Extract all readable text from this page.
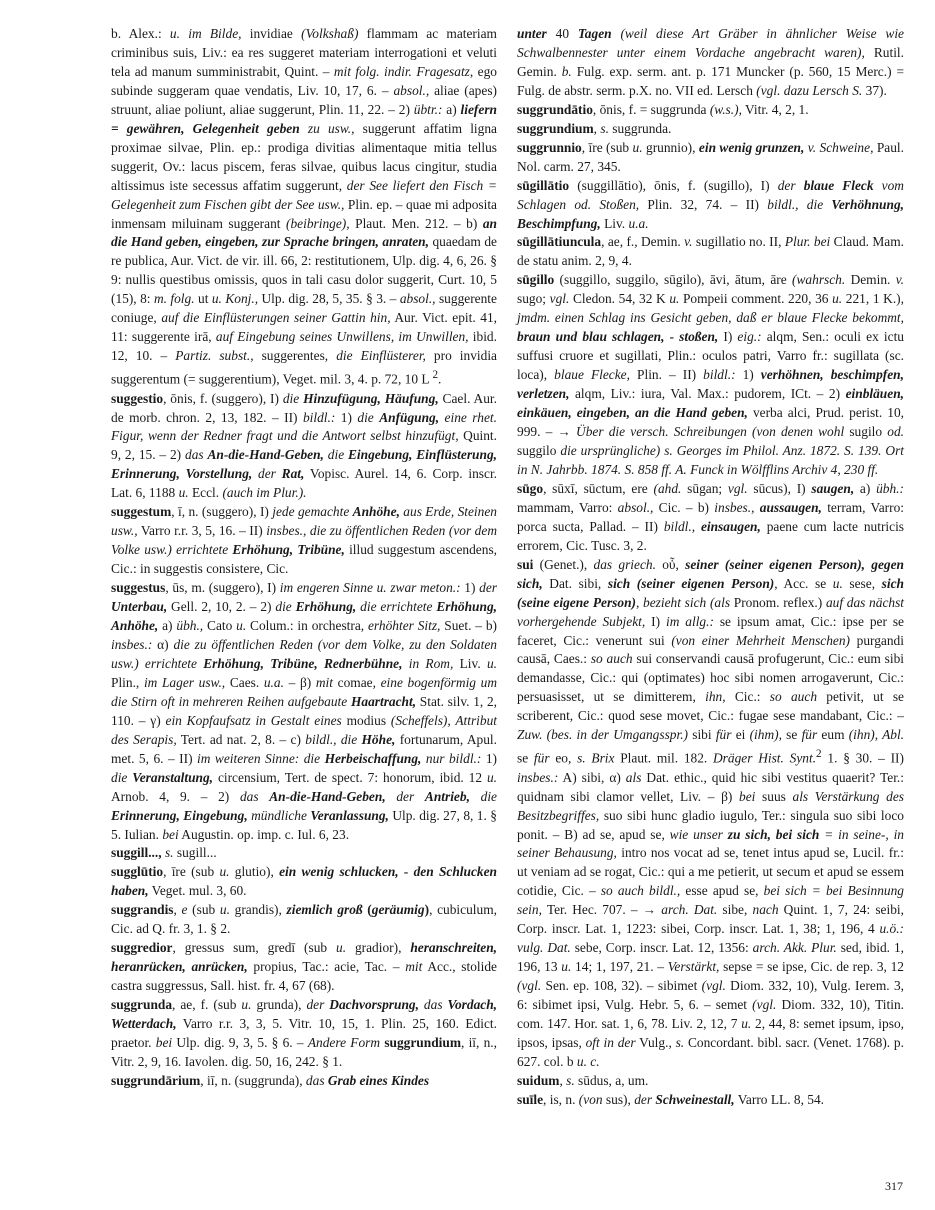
b. Alex.: u. im Bilde, invidiae (Volkshaß) flammam ac materiam criminibus suis, Liv.: ea res suggeret materiam interrogationi et veluti tela ad manum sumministrabit, Quint. – mit folg. indir. Fragesatz, ego subinde suggeram quae vendatis, Liv. 10, 17, 6. – absol., aliae (apes) struunt, aliae poliunt, aliae suggerunt, Plin. 11, 22. – 2) übtr.: a) liefern = gewähren, Gelegenheit geben zu usw., suggerunt affatim ligna proximae silvae, Plin. ep.: prodiga divitias alimentaque mitia tellus suggerit, Ov.: lacus piscem, feras silvae, quibus lacus cingitur, studia altissimus iste secessus affatim suggerunt, der See liefert den Fisch = Gelegenheit zum Fischen gibt der See usw., Plin. ep. – quae mi adposita inmensam miluinam suggerant (beibringe), Plaut. Men. 212. – b) an die Hand geben, eingeben, zur Sprache bringen, anraten, quaedam de re publica, Aur. Vict. de vir. ill. 66, 2: restitutionem, Ulp. dig. 4, 6, 26. § 9: nullis questibus omissis, quos in tali casu dolor suggerit, Curt. 10, 5 (15), 8: m. folg. ut u. Konj., Ulp. dig. 28, 5, 35. § 3. – absol., suggerente coniuge, auf die Einflüsterungen seiner Gattin hin, Aur. Vict. epit. 41, 11: suggerente irā, auf Eingebung seines Unwillens, im Unwillen, ibid. 12, 10. – Partiz. subst., suggerentes, die Einflüsterer, pro invidia suggerentum (= suggerentium), Veget. mil. 3, 4. p. 72, 10 L $^2$.

suggestio, ōnis, f. (suggero), I) die Hinzufügung, Häufung, Cael. Aur. de morb. chron. 2, 13, 182. – II) bildl.: 1) die Anfügung, eine rhet. Figur, wenn der Redner fragt und die Antwort selbst hinzufügt, Quint. 9, 2, 15. – 2) das An-die-Hand-Geben, die Eingebung, Einflüsterung, Erinnerung, Vorstellung, der Rat, Vopisc. Aurel. 14, 6. Corp. inscr. Lat. 6, 1188 u. Eccl. (auch im Plur.).

suggestum, ī, n. (suggero), I) jede gemachte Anhöhe, aus Erde, Steinen usw., Varro r.r. 3, 5, 16. – II) insbes., die zu öffentlichen Reden (vor dem Volke usw.) errichtete Erhöhung, Tribüne, illud suggestum ascendens, Cic.: in suggestis consistere, Cic.

suggestus, ūs, m. (suggero), I) im engeren Sinne u. zwar meton.: 1) der Unterbau, Gell. 2, 10, 2. – 2) die Erhöhung, die errichtete Erhöhung, Anhöhe, a) übh., Cato u. Colum.: in orchestra, erhöhter Sitz, Suet. – b) insbes.: α) die zu öffentlichen Reden (vor dem Volke, zu den Soldaten usw.) errichtete Erhöhung, Tribüne, Rednerbühne, in Rom, Liv. u. Plin., im Lager usw., Caes. u.a. – β) mit comae, eine bogenförmig um die Stirn oft in mehreren Reihen aufgebaute Haartracht, Stat. silv. 1, 2, 110. – γ) ein Kopfaufsatz in Gestalt eines modius (Scheffels), Attribut des Serapis, Tert. ad nat. 2, 8. – c) bildl., die Höhe, fortunarum, Apul. met. 5, 6. – II) im weiteren Sinne: die Herbeischaffung, nur bildl.: 1) die Veranstaltung, circensium, Tert. de spect. 7: honorum, ibid. 12 u. Arnob. 4, 9. – 2) das An-die-Hand-Geben, der Antrieb, die Erinnerung, Eingebung, mündliche Veranlassung, Ulp. dig. 27, 8, 1. § 5. Iulian. bei Augustin. op. imp. c. Iul. 6, 23.

suggill..., s. sugill...

sugglūtio, īre (sub u. glutio), ein wenig schlucken, - den Schlucken haben, Veget. mul. 3, 60.

suggrandis, e (sub u. grandis), ziemlich groß (geräumig), cubiculum, Cic. ad Q. fr. 3, 1. § 2.

suggredior, gressus sum, gredī (sub u. gradior), heranschreiten, heranrücken, anrücken, propius, Tac.: acie, Tac. – mit Acc., stolide castra suggressus, Sall. hist. fr. 4, 67 (68).

suggrunda, ae, f. (sub u. grunda), der Dachvorsprung, das Vordach, Wetterdach, Varro r.r. 3, 3, 5. Vitr. 10, 15, 1. Plin. 25, 160. Edict. praetor. bei Ulp. dig. 9, 3, 5. § 6. – Andere Form suggrundium, iī, n., Vitr. 2, 9, 16. Iavolen. dig. 50, 16, 242. § 1.

suggrundārium, iī, n. (suggrunda), das Grab eines Kindes

unter 40 Tagen (weil diese Art Gräber in ähnlicher Weise wie Schwalbennester unter einem Vordache angebracht waren), Rutil. Gemin. b. Fulg. exp. serm. ant. p. 171 Muncker (p. 560, 15 Merc.) = Fulg. de abstr. serm. p.X. no. VII ed. Lersch (vgl. dazu Lersch S. 37).

suggrundātio, ōnis, f. = suggrunda (w.s.), Vitr. 4, 2, 1.

suggrundium, s. suggrunda.

suggrunnio, īre (sub u. grunnio), ein wenig grunzen, v. Schweine, Paul. Nol. carm. 27, 345.

sūgillātio (suggillātio), ōnis, f. (sugillo), I) der blaue Fleck vom Schlagen od. Stoßen, Plin. 32, 74. – II) bildl., die Verhöhnung, Beschimpfung, Liv. u.a.

sūgillātiuncula, ae, f., Demin. v. sugillatio no. II, Plur. bei Claud. Mam. de statu anim. 2, 9, 4.

sūgillo (suggillo, suggilo, sūgilo), āvi, ātum, āre (wahrsch. Demin. v. sugo; vgl. Cledon. 54, 32 K u. Pompeii comment. 220, 36 u. 221, 1 K.), jmdm. einen Schlag ins Gesicht geben, daß er blaue Flecke bekommt, braun und blau schlagen, - stoßen, I) eig.: alqm, Sen.: oculi ex ictu suffusi cruore et sugillati, Plin.: oculos patri, Varro fr.: sugillata (sc. loca), blaue Flecke, Plin. – II) bildl.: 1) verhöhnen, beschimpfen, verletzen, alqm, Liv.: iura, Val. Max.: pudorem, ICt. – 2) einbläuen, einkäuen, eingeben, an die Hand geben, verba alci, Prud. perist. 10, 999. – → Über die versch. Schreibungen (von denen wohl sugilo od. suggilo die ursprüngliche) s. Georges im Philol. Anz. 1872. S. 139. Ort in N. Jahrbb. 1874. S. 858 ff. A. Funck in Wölfflins Archiv 4, 230 ff.

sūgo, sūxī, sūctum, ere (ahd. sūgan; vgl. sūcus), I) saugen, a) übh.: mammam, Varro: absol., Cic. – b) insbes., aussaugen, terram, Varro: porca sucta, Pallad. – II) bildl., einsaugen, paene cum lacte nutricis errorem, Cic. Tusc. 3, 2.

sui (Genet.), das griech. οὗ, seiner (seiner eigenen Person), gegen sich, Dat. sibi, sich (seiner eigenen Person), Acc. se u. sese, sich (seine eigene Person), bezieht sich (als Pronom. reflex.) auf das nächst vorhergehende Subjekt, I) im allg.: se ipsum amat, Cic.: ipse per se faceret, Cic.: venerunt sui (von einer Mehrheit Menschen) purgandi causā, Caes.: so auch sui conservandi causā profugerunt, Cic.: eum sibi demandasse, Cic.: qui (optimates) hoc sibi nomen arrogaverunt, Cic.: persuasisset, ut se dimitterem, ihn, Cic.: so auch petivit, ut se scriberent, Cic.: quod sese movet, Cic.: fugae sese mandabant, Cic.: – Zuw. (bes. in der Umgangsspr.) sibi für ei (ihm), se für eum (ihn), Abl. se für eo, s. Brix Plaut. mil. 182. Dräger Hist. Synt.$^2$ 1. § 30. – II) insbes.: A) sibi, α) als Dat. ethic., quid hic sibi vestitus quaerit? Ter.: quidnam sibi clamor vellet, Liv. – β) bei suus als Verstärkung des Besitzbegriffes, suo sibi hunc gladio iugulo, Ter.: singula suo sibi loco ponit. – B) ad se, apud se, wie unser zu sich, bei sich = in seine-, in seiner Behausung, intro nos vocat ad se, tenet intus apud se, Lucil. fr.: ut veniam ad se rogat, Cic.: qui a me petierit, ut secum et apud se essem cotidie, Cic. – so auch bildl., esse apud se, bei sich = bei Besinnung sein, Ter. Hec. 707. – → arch. Dat. sibe, nach Quint. 1, 7, 24: seibi, Corp. inscr. Lat. 1, 1223: sibei, Corp. inscr. Lat. 1, 38; 1, 196, 4 u.ö.: vulg. Dat. sebe, Corp. inscr. Lat. 12, 1356: arch. Akk. Plur. sed, ibid. 1, 196, 13 u. 14; 1, 197, 21. – Verstärkt, sepse = se ipse, Cic. de rep. 3, 12 (vgl. Sen. ep. 108, 32). – sibimet (vgl. Diom. 332, 10), Vulg. Ierem. 3, 6: sibimet ipsi, Vulg. Hebr. 5, 6. – semet (vgl. Diom. 332, 10), Titin. com. 147. Hor. sat. 1, 6, 78. Liv. 2, 12, 7 u. 2, 44, 8: semet ipsum, ipso, ipsos, ipsas, oft in der Vulg., s. Concordant. bibl. sacr. (Venet. 1768). p. 627. col. b u. c.

suidum, s. sūdus, a, um.

suīle, is, n. (von sus), der Schweinestall, Varro LL. 8, 54.

317
